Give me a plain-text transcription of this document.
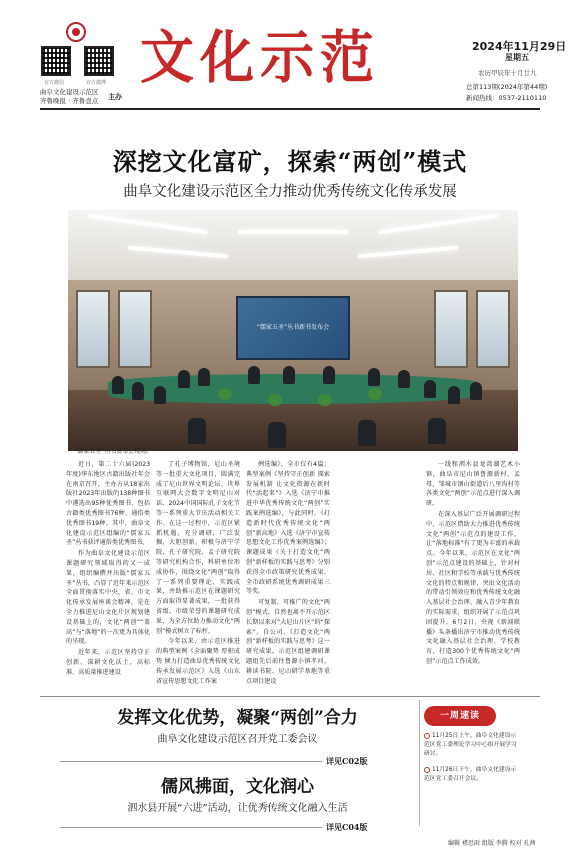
官方微信	官方微博
曲阜文化建设示范区
齐鲁晚报 · 齐鲁壹点 主办
文化示范	2024年11月29日
星期五
农历甲辰年十月廿九
总第113期(2024年第44期)
新闻热线：0537-2110110
深挖文化富矿，探索“两创”模式
曲阜文化建设示范区全力推动优秀传统文化传承发展
“儒家五圣”丛书新书发布会
“儒家五圣”丛书发布会现场。

近日，第二十六届(2023年度)华东地区古籍出版社年会在南京召开，主办方从18家出版社2023年出版的138种图书中遴选出95种优秀图书，包括古籍类优秀图书76种、通俗类优秀图书19种。其中，曲阜文化建设示范区组编的“儒家五圣”丛书获评通俗类优秀图书。

作为曲阜文化建设示范区课题研究领域取得的又一成果，组织编撰并出版“儒家五圣”丛书，凸显了近年来示范区全面贯彻落实中央、省、市文化传承发展座谈会精神，是在全力推进尼山文化片区规划建设基础上的，文化“两创”“盖高”与“落地”的一次更为具体化的呈现。

近年来，示范区坚持守正创新，深耕文化沃土，高标准、高质量推进建设

了孔子博物馆、尼山圣境等一批重大文化项目，圆满完成了尼山世界文明论坛、世界互联网大会数字文明尼山对话、2024中国国际孔子文化节等一系列重大节庆活动相关工作。在这一过程中，示范区紧抓机遇，充分调研，广泛发掘，大胆创新，积极与济宁学院、孔子研究院、孟子研究院等研究机构合作，科研单位形成协作，围绕文化“两创”取得了一系列重要理论、实践成果，并助推示范区在课题研究方面取得显著成果，一批获得省级、市级荣誉的课题研究成果，为全方位助力推动文化“两创”模式树立了标杆。

今年以来，由示范区推进的典型案例《全面聚势 厚积成势 倾力打造曲阜优秀传统文化传承发展示范区》入选《山东省宣传思想文化工作案

例选编》、全市仅有4篇；典型案例《坚持守正创新 探索发展机制 让文化资源在新时代“活起来”》入选《济宁市推进中华优秀传统文化“两创”实践案例选编》，与此同时，《打造新时代优秀传统文化“两创”新高地》入选《济宁市宣传思想文化工作优秀案例选编》；课题成果《关于打造文化“两创”新样板的实践与思考》分别获得全市政策研究优秀成果、全市政研系统优秀调研成果三等奖。

可复制、可推广的文化“两创”模式，自然也离不开示范区长期以来对“大尼山片区”的“探索”。自公司、《打造文化“两创”新样板的实践与思考》这一研究成果。示范区组建调研课题组先后前往鲁源小镇孝河、耕读书院、尼山研学基地等重点项目建设

一线和泗水县龙湾湖艺术小镇，曲阜市尼山镇鲁源新村、孟母，邹城市钢山街道后八里沟村等各类文化“两创”示范点进行深入调研。

在深入基层广泛开展调研过程中，示范区借助大力推进优秀传统文化“两创”示范点的建设工作，让“落地标准”有了更为丰富的承载点。今年以来，示范区在文化“两创”示范点建设的基础上，针对村居、社区和学校等承载与优秀传统文化的特点和规律，突出文化活动的带动引领效应和优秀传统文化融入基层社会治理、融入青少年教育的实际需求，组织开展了示范点巩固提升。6月2日，央视《新闻联播》头条播出济宁市推动优秀传统文化融入基层社会治理、学校教育，打造300个优秀传统文化“两创”示范点工作成效。

发挥文化优势，凝聚“两创”合力
曲阜文化建设示范区召开党工委会议
详见C02版
儒风拂面，文化润心
泗水县开展“六进”活动，让优秀传统文化融入生活
详见C04版
一周速读
11月25日上午，曲阜文化建设示范区党工委理论学习中心组开展学习研讨。
11月26日下午，曲阜文化建设示范区党工委召开会议。
编辑 褚思雨 组版 李腾 校对 孔茜
